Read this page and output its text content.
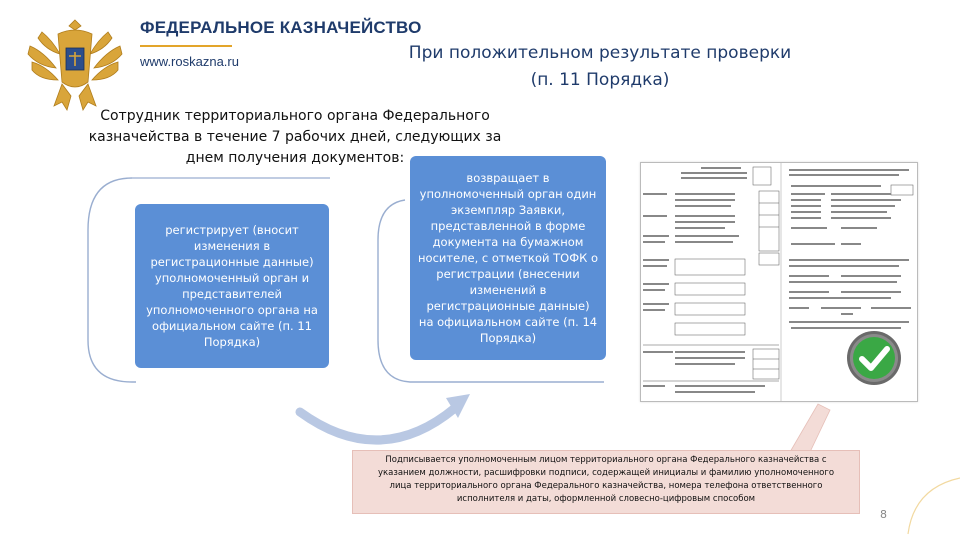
ФЕДЕРАЛЬНОЕ КАЗНАЧЕЙСТВО
www.roskazna.ru	При положительном результате проверки
(п. 11 Порядка)
Сотрудник территориального органа Федерального
казначейства в течение 7 рабочих дней, следующих за
днем получения документов:
регистрирует (вносит изменения в регистрационные данные) уполномоченный орган и представителей уполномоченного органа на официальном сайте (п. 11 Порядка)
возвращает в уполномоченный орган один экземпляр Заявки, представленной в форме документа на бумажном носителе, с отметкой ТОФК о регистрации (внесении изменений в регистрационные данные) на официальном сайте (п. 14 Порядка)
Подписывается уполномоченным лицом территориального органа Федерального казначейства с
указанием должности, расшифровки подписи, содержащей инициалы и фамилию уполномоченного
лица территориального органа Федерального казначейства, номера телефона ответственного
исполнителя и даты, оформленной словесно-цифровым способом
8
